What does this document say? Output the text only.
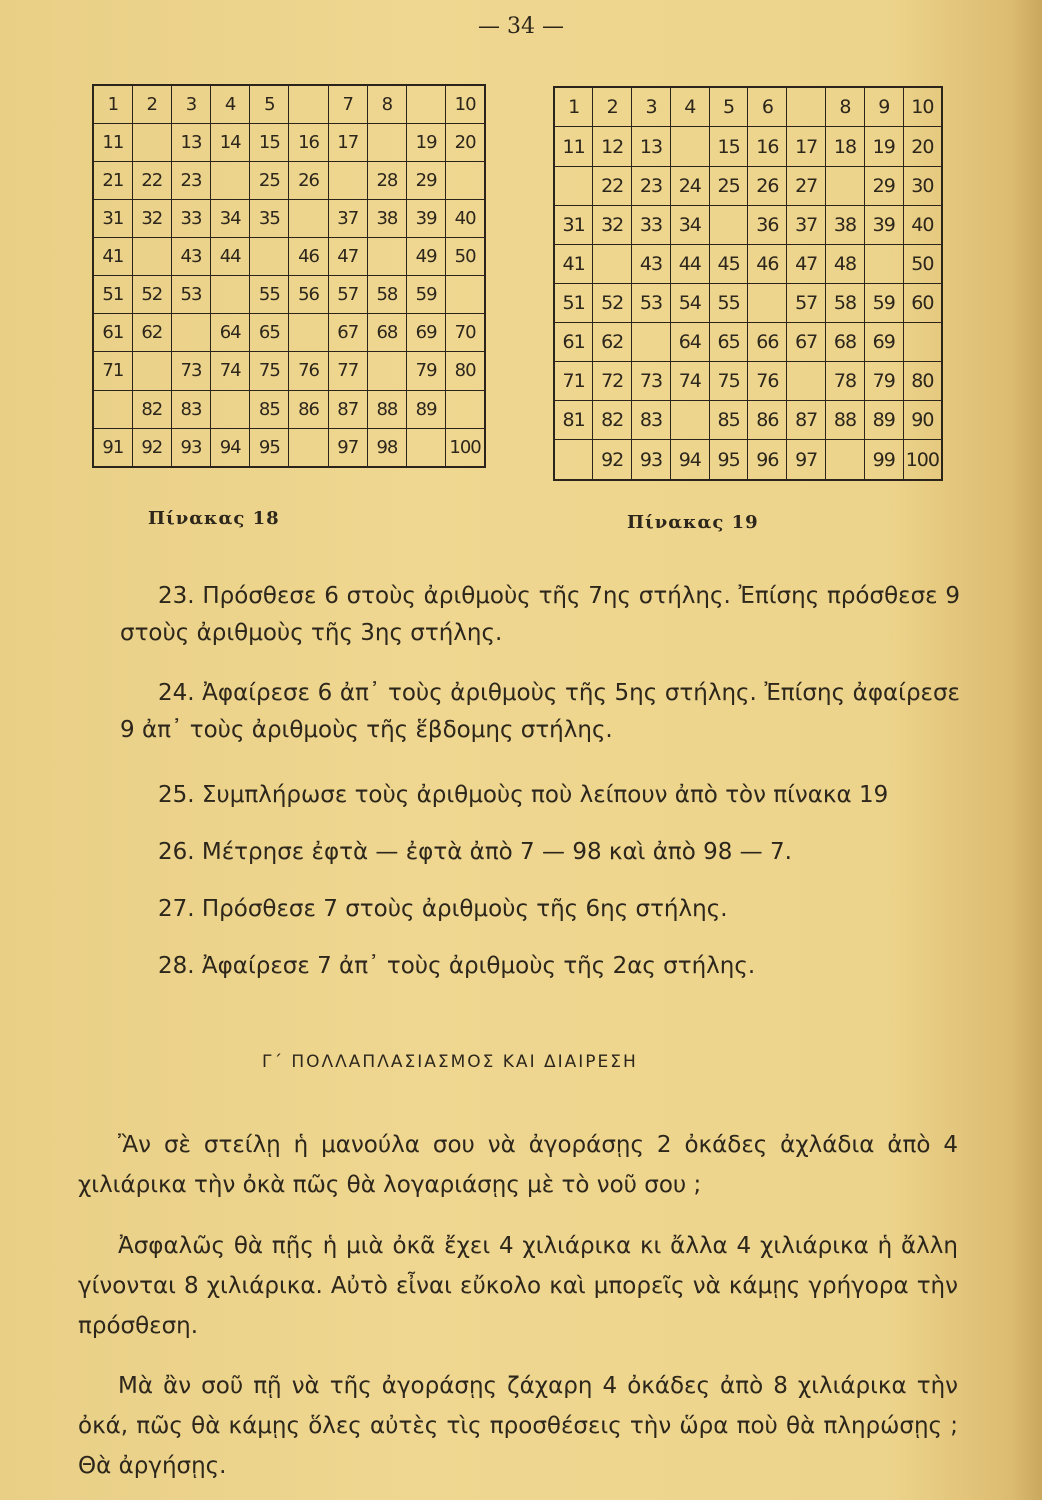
— 34 —
1	2	3	4	5		7	8		10
11		13	14	15	16	17		19	20
21	22	23		25	26		28	29	
31	32	33	34	35		37	38	39	40
41		43	44		46	47		49	50
51	52	53		55	56	57	58	59	
61	62		64	65		67	68	69	70
71		73	74	75	76	77		79	80
	82	83		85	86	87	88	89	
91	92	93	94	95		97	98		100
1	2	3	4	5	6		8	9	10
11	12	13		15	16	17	18	19	20
	22	23	24	25	26	27		29	30
31	32	33	34		36	37	38	39	40
41		43	44	45	46	47	48		50
51	52	53	54	55		57	58	59	60
61	62		64	65	66	67	68	69	
71	72	73	74	75	76		78	79	80
81	82	83		85	86	87	88	89	90
	92	93	94	95	96	97		99	100
Πίνακας 18	Πίνακας 19
23. Πρόσθεσε 6 στοὺς ἀριθμοὺς τῆς 7ης στήλης. Ἐπίσης πρόσθεσε 9 στοὺς ἀριθμοὺς τῆς 3ης στήλης.
24. Ἀφαίρεσε 6 ἀπ᾿ τοὺς ἀριθμοὺς τῆς 5ης στήλης. Ἐπίσης ἀφαίρεσε 9 ἀπ᾿ τοὺς ἀριθμοὺς τῆς ἕβδομης στήλης.
25. Συμπλήρωσε τοὺς ἀριθμοὺς ποὺ λείπουν ἀπὸ τὸν πίνακα 19
26. Μέτρησε ἐφτὰ — ἐφτὰ ἀπὸ 7 — 98 καὶ ἀπὸ 98 — 7.
27. Πρόσθεσε 7 στοὺς ἀριθμοὺς τῆς 6ης στήλης.
28. Ἀφαίρεσε 7 ἀπ᾿ τοὺς ἀριθμοὺς τῆς 2ας στήλης.
Γ´ ΠΟΛΛΑΠΛΑΣΙΑΣΜΟΣ ΚΑΙ ΔΙΑΙΡΕΣΗ
Ἂν σὲ στείλῃ ἡ μανούλα σου νὰ ἀγοράσῃς 2 ὀκάδες ἀχλάδια ἀπὸ 4 χιλιάρικα τὴν ὀκὰ πῶς θὰ λογαριάσῃς μὲ τὸ νοῦ σου ;
Ἀσφαλῶς θὰ πῇς ἡ μιὰ ὀκᾶ ἔχει 4 χιλιάρικα κι ἄλλα 4 χιλιάρικα ἡ ἄλλη γίνονται 8 χιλιάρικα. Αὐτὸ εἶναι εὔκολο καὶ μπορεῖς νὰ κάμῃς γρήγορα τὴν πρόσθεση.
Μὰ ἂν σοῦ πῇ νὰ τῆς ἀγοράσῃς ζάχαρη 4 ὀκάδες ἀπὸ 8 χιλιάρικα τὴν ὀκά, πῶς θὰ κάμῃς ὅλες αὐτὲς τὶς προσθέσεις τὴν ὥρα ποὺ θὰ πληρώσῃς ; Θὰ ἀργήσῃς.
